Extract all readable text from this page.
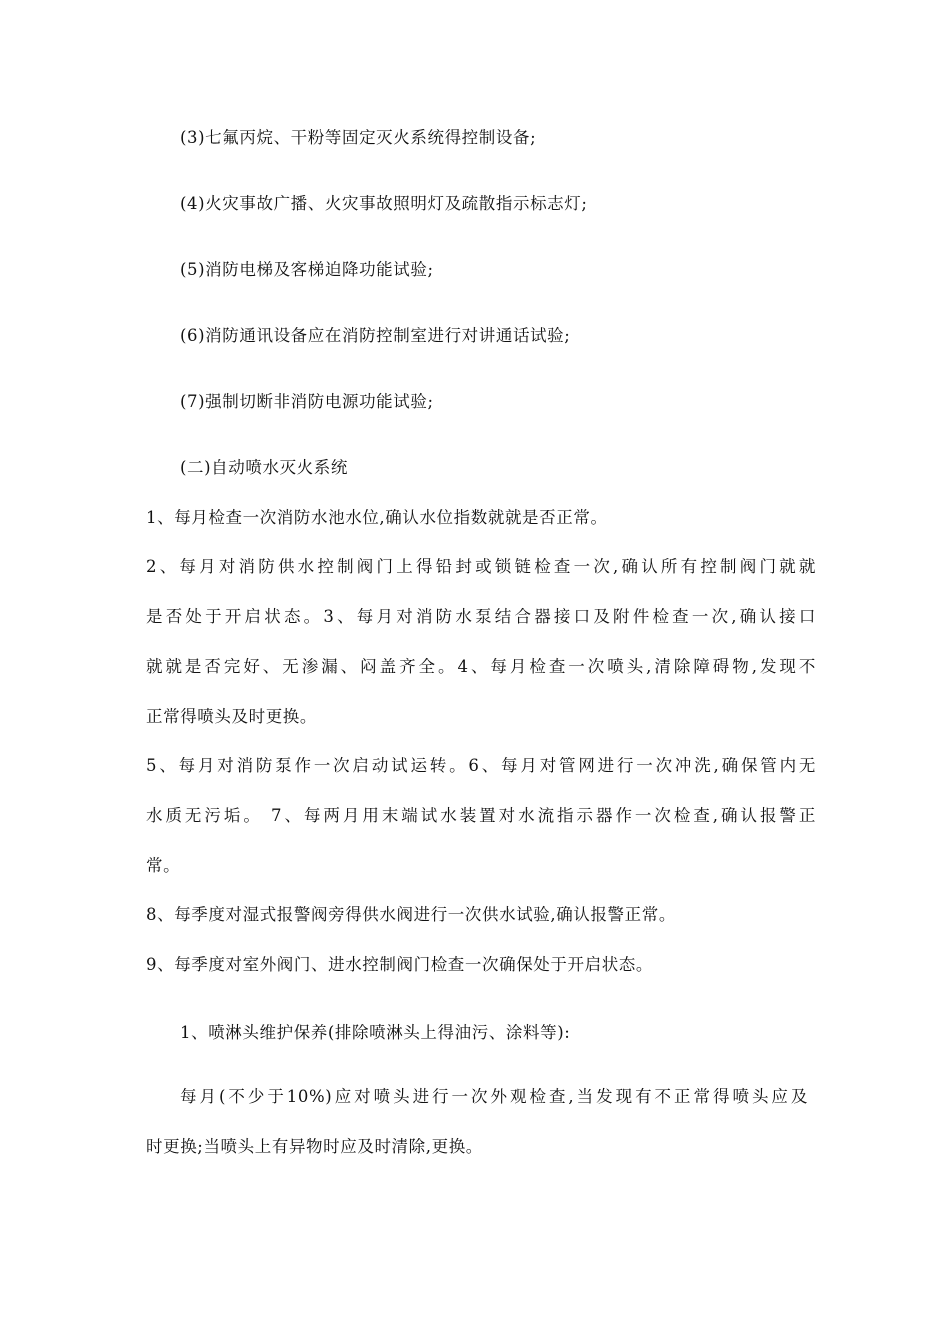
(3)七氟丙烷、干粉等固定灭火系统得控制设备;
(4)火灾事故广播、火灾事故照明灯及疏散指示标志灯;
(5)消防电梯及客梯迫降功能试验;
(6)消防通讯设备应在消防控制室进行对讲通话试验;
(7)强制切断非消防电源功能试验;
(二)自动喷水灭火系统
1、每月检查一次消防水池水位,确认水位指数就就是否正常。
2、每月对消防供水控制阀门上得铅封或锁链检查一次,确认所有控制阀门就就
是否处于开启状态。3、每月对消防水泵结合器接口及附件检查一次,确认接口
就就是否完好、无渗漏、闷盖齐全。4、每月检查一次喷头,清除障碍物,发现不
正常得喷头及时更换。
5、每月对消防泵作一次启动试运转。6、每月对管网进行一次冲洗,确保管内无
水质无污垢。 7、每两月用末端试水装置对水流指示器作一次检查,确认报警正
常。
8、每季度对湿式报警阀旁得供水阀进行一次供水试验,确认报警正常。
9、每季度对室外阀门、进水控制阀门检查一次确保处于开启状态。
1、喷淋头维护保养(排除喷淋头上得油污、涂料等):
每月(不少于10%)应对喷头进行一次外观检查,当发现有不正常得喷头应及
时更换;当喷头上有异物时应及时清除,更换。
